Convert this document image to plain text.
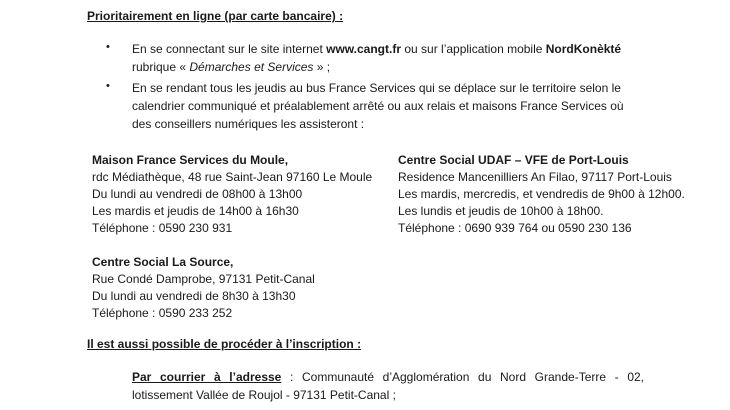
Prioritairement en ligne (par carte bancaire) :
• En se connectant sur le site internet www.cangt.fr ou sur l’application mobile NordKonèkté
rubrique « Démarches et Services » ;
• En se rendant tous les jeudis au bus France Services qui se déplace sur le territoire selon le
calendrier communiqué et préalablement arrêté ou aux relais et maisons France Services où
des conseillers numériques les assisteront :
Maison France Services du Moule,
rdc Médiathèque, 48 rue Saint-Jean 97160 Le Moule
Du lundi au vendredi de 08h00 à 13h00
Les mardis et jeudis de 14h00 à 16h30
Téléphone : 0590 230 931
Centre Social UDAF – VFE de Port-Louis
Residence Mancenilliers An Filao, 97117 Port-Louis
Les mardis, mercredis, et vendredis de 9h00 à 12h00.
Les lundis et jeudis de 10h00 à 18h00.
Téléphone : 0690 939 764 ou 0590 230 136
Centre Social La Source,
Rue Condé Damprobe, 97131 Petit-Canal
Du lundi au vendredi de 8h30 à 13h30
Téléphone : 0590 233 252
Il est aussi possible de procéder à l’inscription :
Par courrier à l’adresse : Communauté d’Agglomération du Nord Grande-Terre - 02,
lotissement Vallée de Roujol - 97131 Petit-Canal ;
